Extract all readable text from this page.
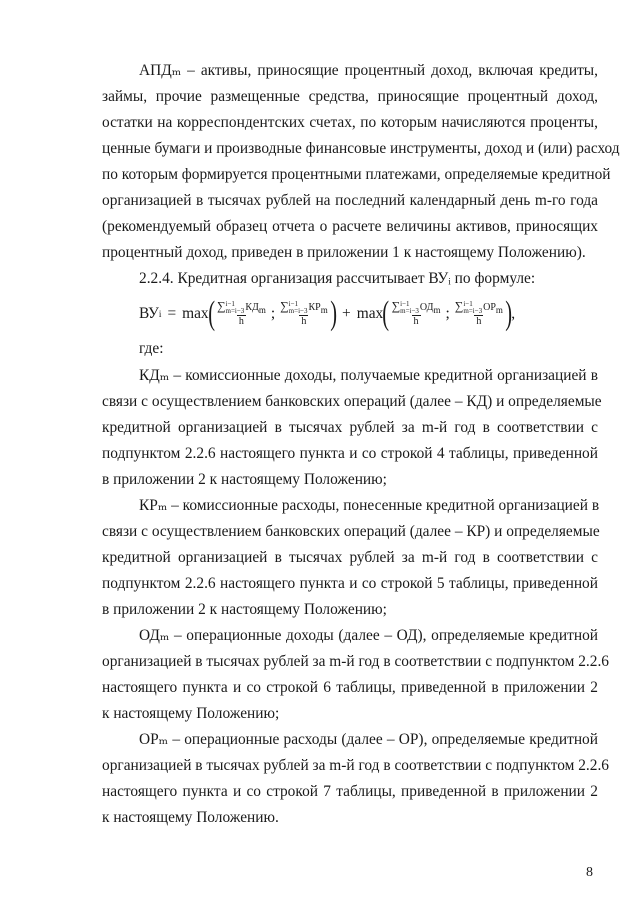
АПДₘ – активы, приносящие процентный доход, включая кредиты,
займы, прочие размещенные средства, приносящие процентный доход,
остатки на корреспондентских счетах, по которым начисляются проценты,
ценные бумаги и производные финансовые инструменты, доход и (или) расход
по которым формируется процентными платежами, определяемые кредитной
организацией в тысячах рублей на последний календарный день m-го года
(рекомендуемый образец отчета о расчете величины активов, приносящих
процентный доход, приведен в приложении 1 к настоящему Положению).
2.2.4. Кредитная организация рассчитывает ВУᵢ по формуле:
ВУ i = max ( ∑ i−1
m=i−3 $КД_m$
h ; ∑ i−1
m=i−3 $КР_m$
h ) + max ( ∑ i−1
m=i−3 $ОД_m$
h ; ∑ i−1
m=i−3 $ОР_m$
h ) ,
где:
КДₘ – комиссионные доходы, получаемые кредитной организацией в
связи с осуществлением банковских операций (далее – КД) и определяемые
кредитной организацией в тысячах рублей за m-й год в соответствии с
подпунктом 2.2.6 настоящего пункта и со строкой 4 таблицы, приведенной
в приложении 2 к настоящему Положению;
КРₘ – комиссионные расходы, понесенные кредитной организацией в
связи с осуществлением банковских операций (далее – КР) и определяемые
кредитной организацией в тысячах рублей за m-й год в соответствии с
подпунктом 2.2.6 настоящего пункта и со строкой 5 таблицы, приведенной
в приложении 2 к настоящему Положению;
ОДₘ – операционные доходы (далее – ОД), определяемые кредитной
организацией в тысячах рублей за m-й год в соответствии с подпунктом 2.2.6
настоящего пункта и со строкой 6 таблицы, приведенной в приложении 2
к настоящему Положению;
ОРₘ – операционные расходы (далее – ОР), определяемые кредитной
организацией в тысячах рублей за m-й год в соответствии с подпунктом 2.2.6
настоящего пункта и со строкой 7 таблицы, приведенной в приложении 2
к настоящему Положению.
8
